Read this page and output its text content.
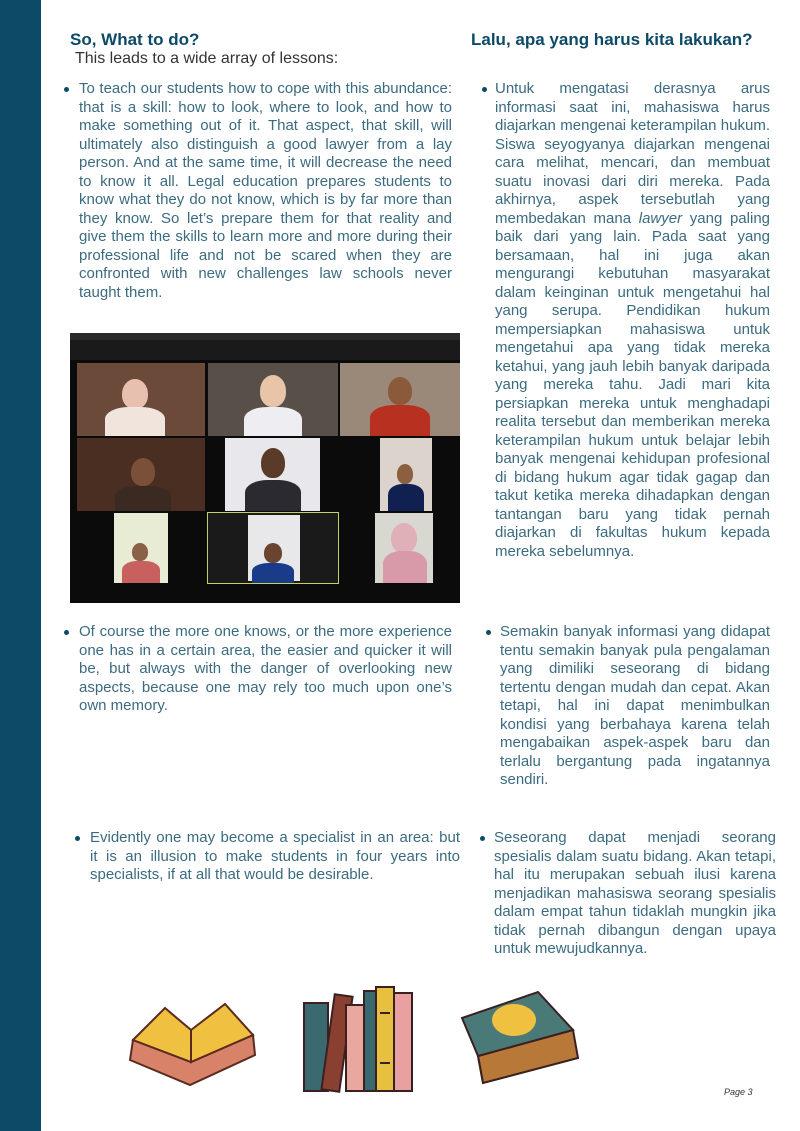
So, What to do?

This leads to a wide array of lessons:

Lalu, apa yang harus kita lakukan?

To teach our students how to cope with this abundance: that is a skill: how to look, where to look, and how to make something out of it. That aspect, that skill, will ultimately also distinguish a good lawyer from a lay person. And at the same time, it will decrease the need to know it all. Legal education prepares students to know what they do not know, which is by far more than they know. So let’s prepare them for that reality and give them the skills to learn more and more during their professional life and not be scared when they are confronted with new challenges law schools never taught them.

Of course the more one knows, or the more experience one has in a certain area, the easier and quicker it will be, but always with the danger of overlooking new aspects, because one may rely too much upon one’s own memory.

Evidently one may become a specialist in an area: but it is an illusion to make students in four years into specialists, if at all that would be desirable.

Untuk mengatasi derasnya arus informasi saat ini, mahasiswa harus diajarkan mengenai keterampilan hukum. Siswa seyogyanya diajarkan mengenai cara melihat, mencari, dan membuat suatu inovasi dari diri mereka. Pada akhirnya, aspek tersebutlah yang membedakan mana lawyer yang paling baik dari yang lain. Pada saat yang bersamaan, hal ini juga akan mengurangi kebutuhan masyarakat dalam keinginan untuk mengetahui hal yang serupa. Pendidikan hukum mempersiapkan mahasiswa untuk mengetahui apa yang tidak mereka ketahui, yang jauh lebih banyak daripada yang mereka tahu. Jadi mari kita persiapkan mereka untuk menghadapi realita tersebut dan memberikan mereka keterampilan hukum untuk belajar lebih banyak mengenai kehidupan profesional di bidang hukum agar tidak gagap dan takut ketika mereka dihadapkan dengan tantangan baru yang tidak pernah diajarkan di fakultas hukum kepada mereka sebelumnya.

Semakin banyak informasi yang didapat tentu semakin banyak pula pengalaman yang dimiliki seseorang di bidang tertentu dengan mudah dan cepat. Akan tetapi, hal ini dapat menimbulkan kondisi yang berbahaya karena telah mengabaikan aspek-aspek baru dan terlalu bergantung pada ingatannya sendiri.

Seseorang dapat menjadi seorang spesialis dalam suatu bidang. Akan tetapi, hal itu merupakan sebuah ilusi karena menjadikan mahasiswa seorang spesialis dalam empat tahun tidaklah mungkin jika tidak pernah dibangun dengan upaya untuk mewujudkannya.

Page 3
